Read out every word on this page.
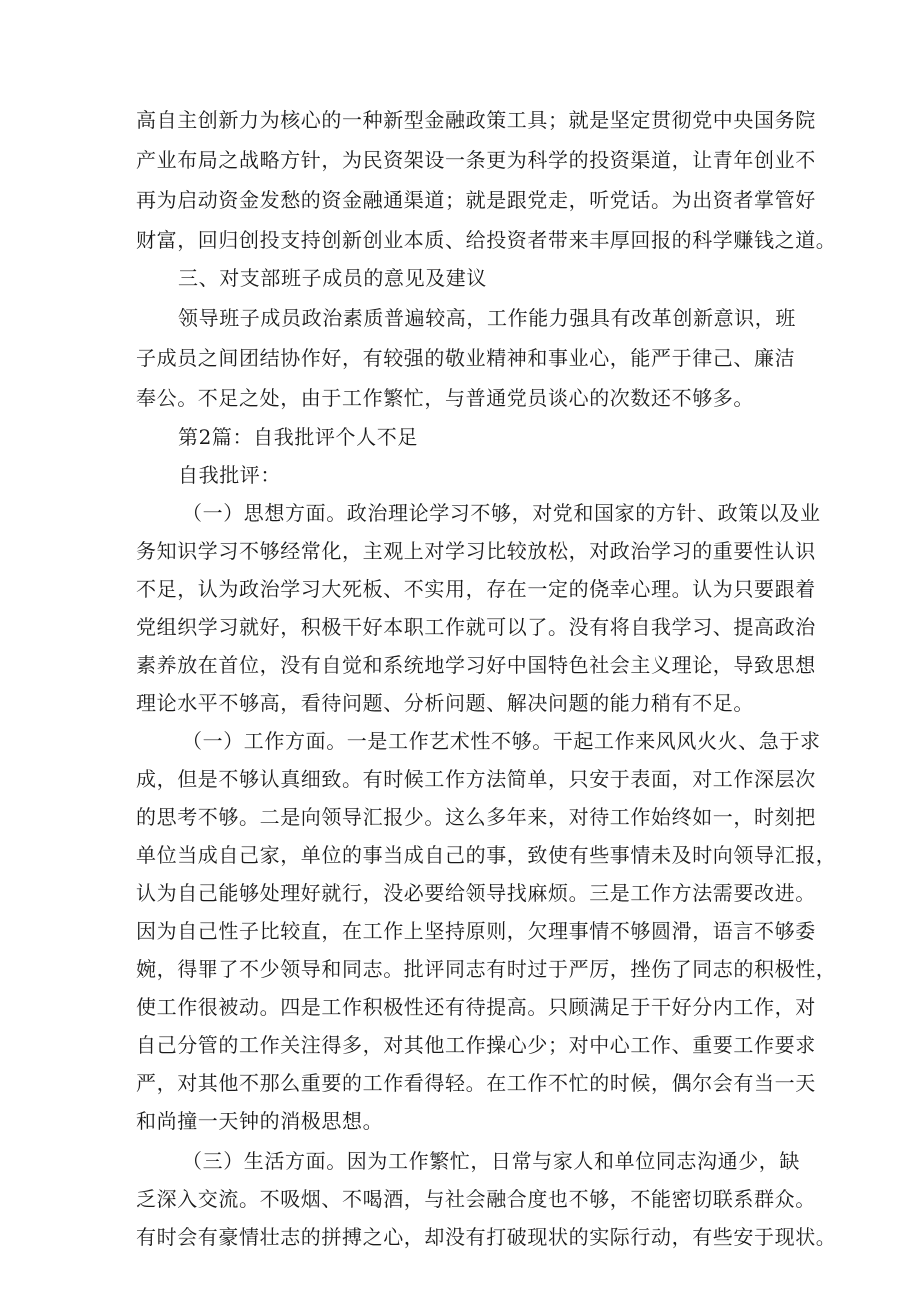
高自主创新力为核心的一种新型金融政策工具；就是坚定贯彻党中央国务院
产业布局之战略方针，为民资架设一条更为科学的投资渠道，让青年创业不
再为启动资金发愁的资金融通渠道；就是跟党走，听党话。为出资者掌管好
财富，回归创投支持创新创业本质、给投资者带来丰厚回报的科学赚钱之道。
三、对支部班子成员的意见及建议
领导班子成员政治素质普遍较高，工作能力强具有改革创新意识，班
子成员之间团结协作好，有较强的敬业精神和事业心，能严于律己、廉洁
奉公。不足之处，由于工作繁忙，与普通党员谈心的次数还不够多。
第2篇：自我批评个人不足
自我批评：
（一）思想方面。政治理论学习不够，对党和国家的方针、政策以及业
务知识学习不够经常化，主观上对学习比较放松，对政治学习的重要性认识
不足，认为政治学习大死板、不实用，存在一定的侥幸心理。认为只要跟着
党组织学习就好，积极干好本职工作就可以了。没有将自我学习、提高政治
素养放在首位，没有自觉和系统地学习好中国特色社会主义理论，导致思想
理论水平不够高，看待问题、分析问题、解决问题的能力稍有不足。
（一）工作方面。一是工作艺术性不够。干起工作来风风火火、急于求
成，但是不够认真细致。有时候工作方法简单，只安于表面，对工作深层次
的思考不够。二是向领导汇报少。这么多年来，对待工作始终如一，时刻把
单位当成自己家，单位的事当成自己的事，致使有些事情未及时向领导汇报，
认为自己能够处理好就行，没必要给领导找麻烦。三是工作方法需要改进。
因为自己性子比较直，在工作上坚持原则，欠理事情不够圆滑，语言不够委
婉，得罪了不少领导和同志。批评同志有时过于严厉，挫伤了同志的积极性，
使工作很被动。四是工作积极性还有待提高。只顾满足于干好分内工作，对
自己分管的工作关注得多，对其他工作操心少；对中心工作、重要工作要求
严，对其他不那么重要的工作看得轻。在工作不忙的时候，偶尔会有当一天
和尚撞一天钟的消极思想。
（三）生活方面。因为工作繁忙，日常与家人和单位同志沟通少，缺
乏深入交流。不吸烟、不喝酒，与社会融合度也不够，不能密切联系群众。
有时会有豪情壮志的拼搏之心，却没有打破现状的实际行动，有些安于现状。
